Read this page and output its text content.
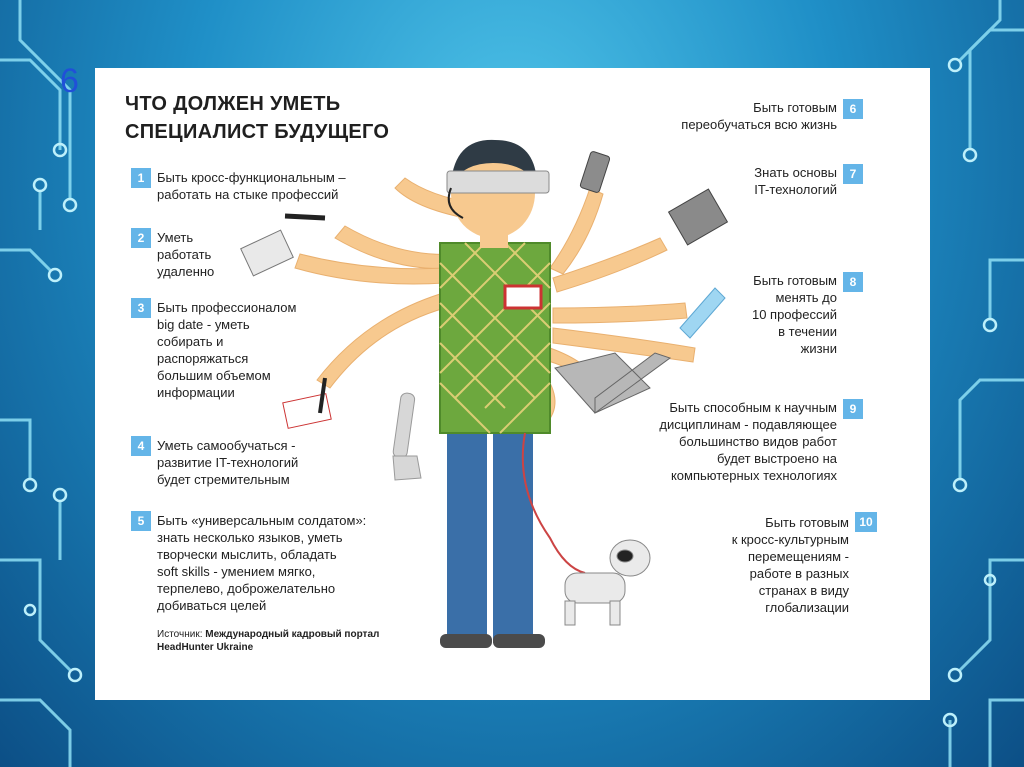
6
ЧТО ДОЛЖЕН УМЕТЬ
СПЕЦИАЛИСТ БУДУЩЕГО
1 Быть кросс-функциональным –
работать на стыке профессий
2 Уметь
работать
удаленно
3 Быть профессионалом
big date - уметь
собирать и
распоряжаться
большим объемом
информации
4 Уметь самообучаться -
развитие IT-технологий
будет стремительным
5 Быть «универсальным солдатом»:
знать несколько языков, уметь
творчески мыслить, обладать
soft skills - умением мягко,
терпелево, доброжелательно
добиваться целей
Источник: Международный кадровый портал
HeadHunter Ukraine
Быть готовым
переобучаться всю жизнь
6
Знать основы
IT-технологий
7
Быть готовым
менять до
10 профессий
в течении
жизни
8
Быть способным к научным
дисциплинам - подавляющее
большинство видов работ
будет выстроено на
компьютерных технологиях
9
Быть готовым
к кросс-культурным
перемещениям -
работе в разных
странах в виду
глобализации
10
